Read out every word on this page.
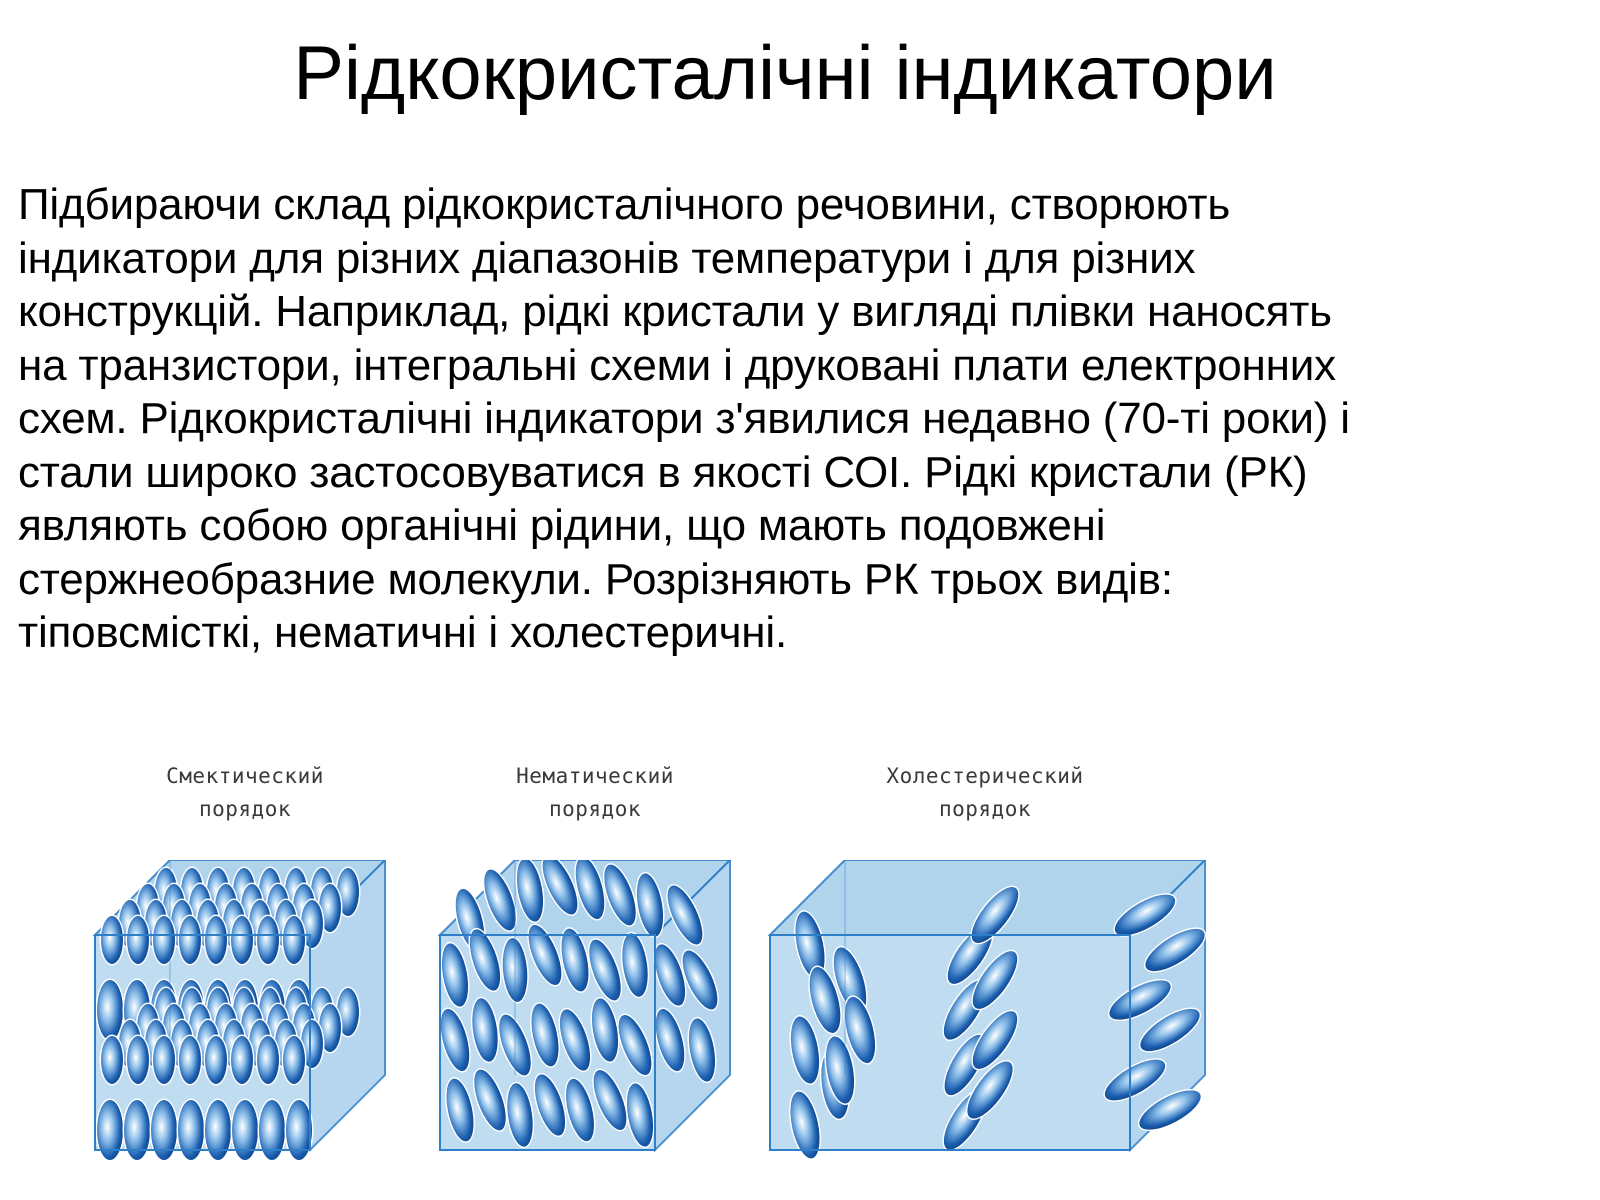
Рідкокристалічні індикатори

Підбираючи склад рідкокристалічного речовини, створюють
індикатори для різних діапазонів температури і для різних
конструкцій. Наприклад, рідкі кристали у вигляді плівки наносять
на транзистори, інтегральні схеми і друковані плати електронних
схем. Рідкокристалічні індикатори з'явилися недавно (70-ті роки) і
стали широко застосовуватися в якості СОІ. Рідкі кристали (РК)
являють собою органічні рідини, що мають подовжені
стержнеобразние молекули. Розрізняють РК трьох видів:
тіповсмісткі, нематичні і холестеричні.

Смектический
порядок
Нематический
порядок
Холестерический
порядок
